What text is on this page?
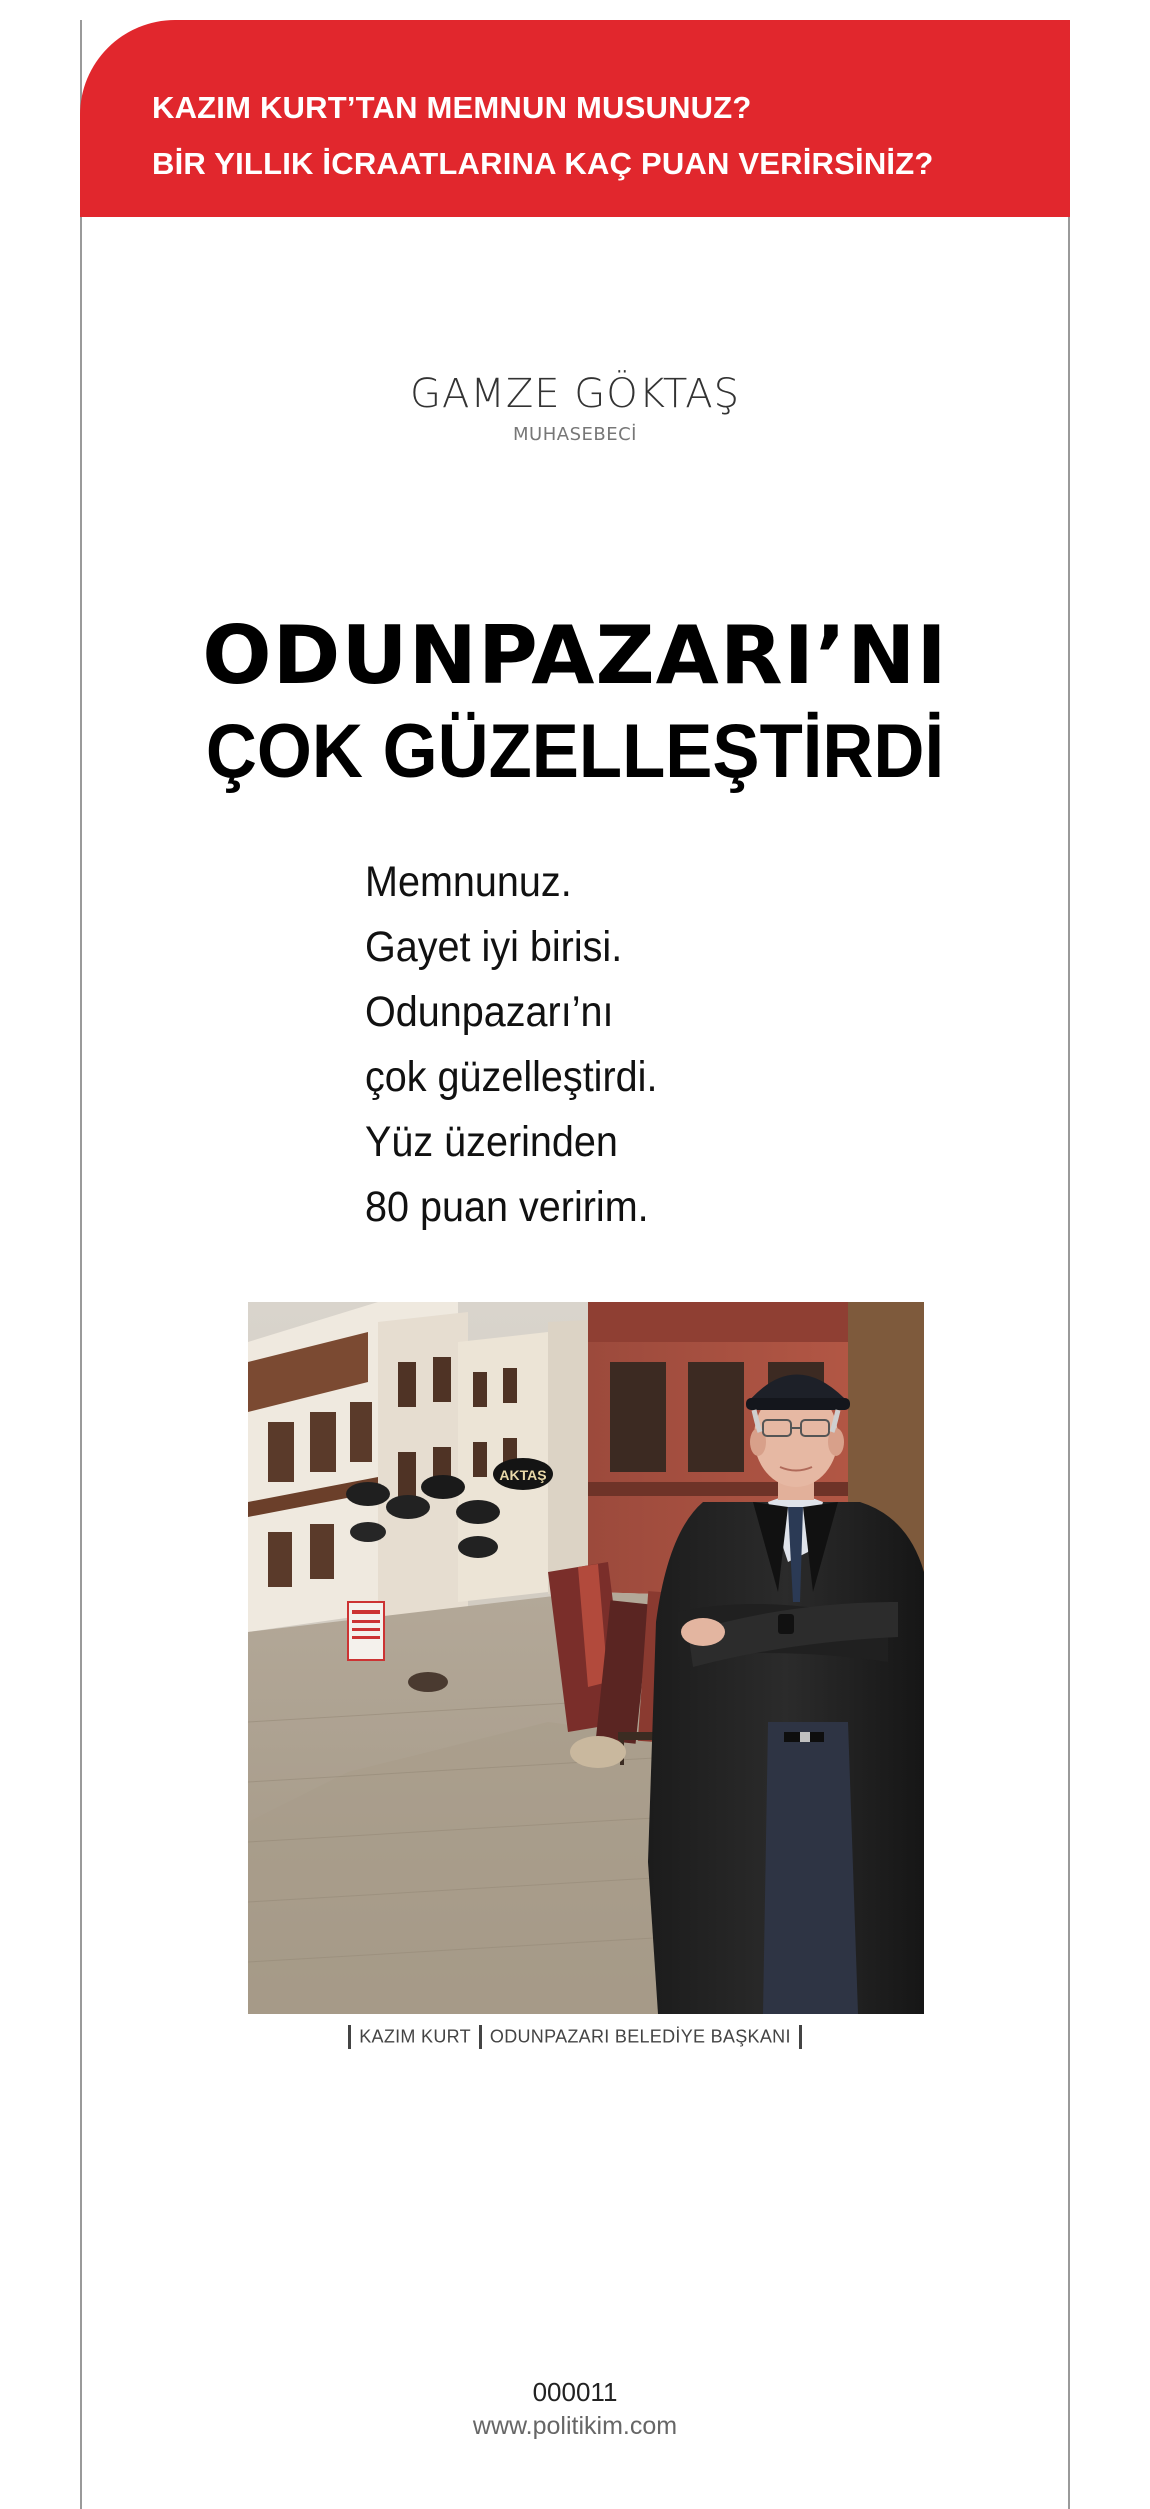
KAZIM KURT’TAN MEMNUN MUSUNUZ?
BİR YILLIK İCRAATLARINA KAÇ PUAN VERİRSİNİZ?
GAMZE GÖKTAŞ
MUHASEBECİ
ODUNPAZARI’NI
ÇOK GÜZELLEŞTİRDİ
Memnunuz.
Gayet iyi birisi.
Odunpazarı’nı
çok güzelleştirdi.
Yüz üzerinden
80 puan veririm.
AKTAŞ
KAZIM KURT ODUNPAZARI BELEDİYE BAŞKANI
000011
www.politikim.com
